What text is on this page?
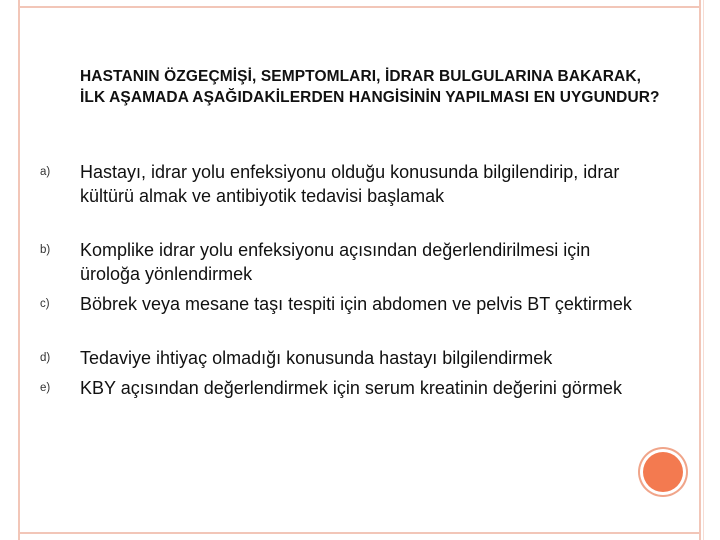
HASTANIN ÖZGEÇMİŞİ, SEMPTOMLARI, İDRAR BULGULARINA BAKARAK, İLK AŞAMADA AŞAĞIDAKİLERDEN HANGİSİNİN YAPILMASI EN UYGUNDUR?
a) Hastayı, idrar yolu enfeksiyonu olduğu konusunda bilgilendirip, idrar kültürü almak ve antibiyotik tedavisi başlamak
b) Komplike idrar yolu enfeksiyonu açısından değerlendirilmesi için üroloğa yönlendirmek
c) Böbrek veya mesane taşı tespiti için abdomen ve pelvis BT çektirmek
d) Tedaviye ihtiyaç olmadığı konusunda hastayı bilgilendirmek
e) KBY açısından değerlendirmek için serum kreatinin değerini görmek
